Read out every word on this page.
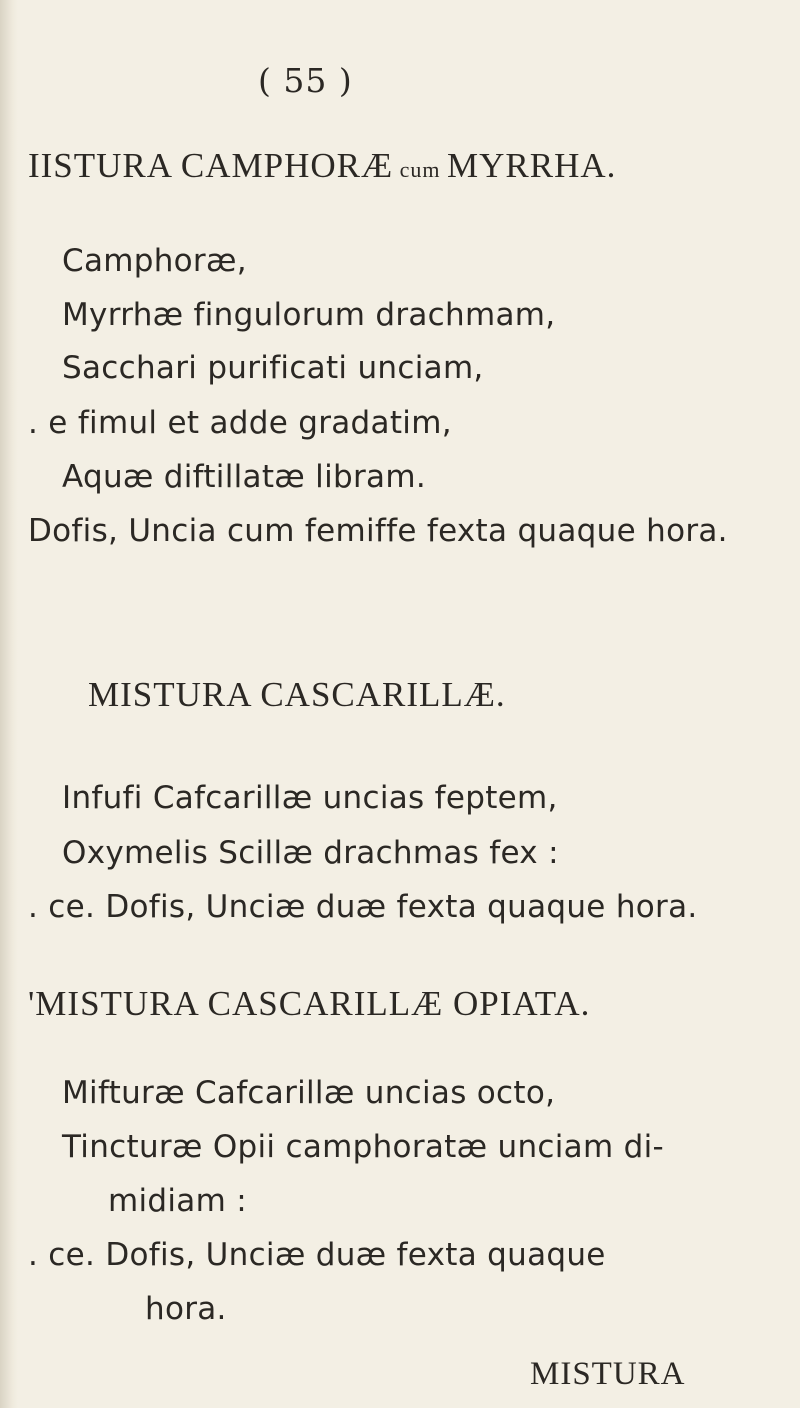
( 55 )
IISTURA CAMPHORÆ cum MYRRHA.
Camphoræ,
Myrrhæ fingulorum drachmam,
Sacchari purificati unciam,
. e fimul et adde gradatim,
Aquæ diftillatæ libram.
Dofis, Uncia cum femiffe fexta quaque hora.
MISTURA CASCARILLÆ.
Infufi Cafcarillæ uncias feptem,
Oxymelis Scillæ drachmas fex :
. ce. Dofis, Unciæ duæ fexta quaque hora.
'MISTURA CASCARILLÆ OPIATA.
Mifturæ Cafcarillæ uncias octo,
Tincturæ Opii camphoratæ unciam di-
midiam :
. ce. Dofis, Unciæ duæ fexta quaque
hora.
MISTURA
